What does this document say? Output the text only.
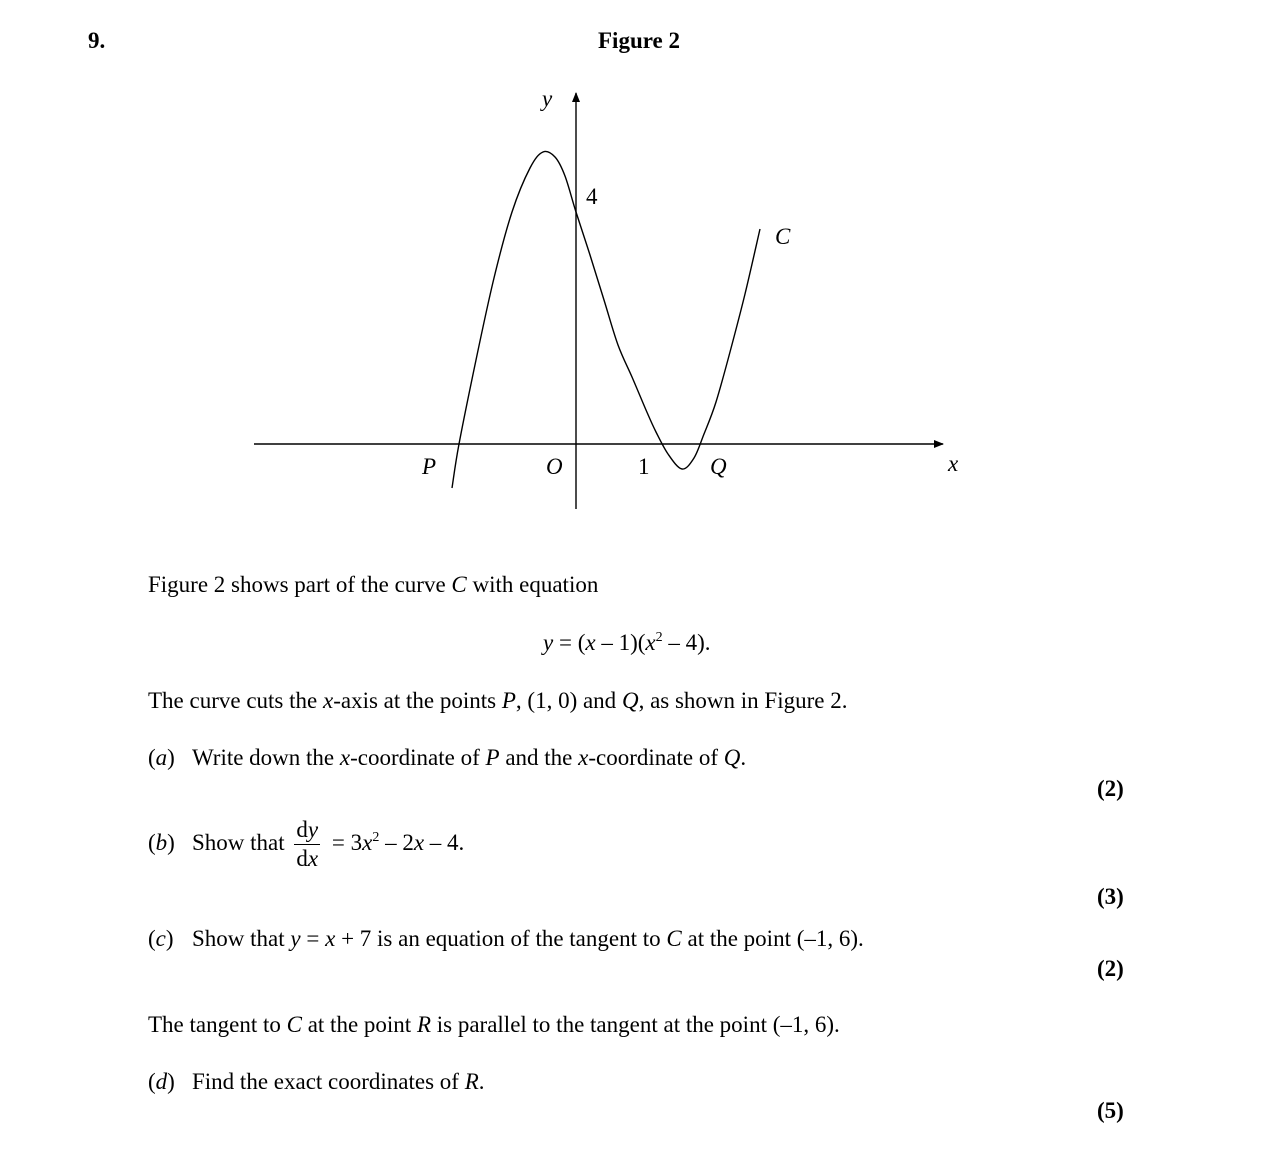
9.	Figure 2
y
x
O
P	Q
1
4
C
Figure 2 shows part of the curve C with equation
$y = (x - 1)(x^2 - 4)$.
The curve cuts the x-axis at the points P, (1, 0) and Q, as shown in Figure 2.
(a) Write down the x-coordinate of P and the x-coordinate of Q.
(2)
(b) Show that $\frac{dy}{dx} = 3x^2 - 2x - 4$.
(3)
(c) Show that y = x + 7 is an equation of the tangent to C at the point (–1, 6).
(2)
The tangent to C at the point R is parallel to the tangent at the point (–1, 6).
(d) Find the exact coordinates of R.
(5)
